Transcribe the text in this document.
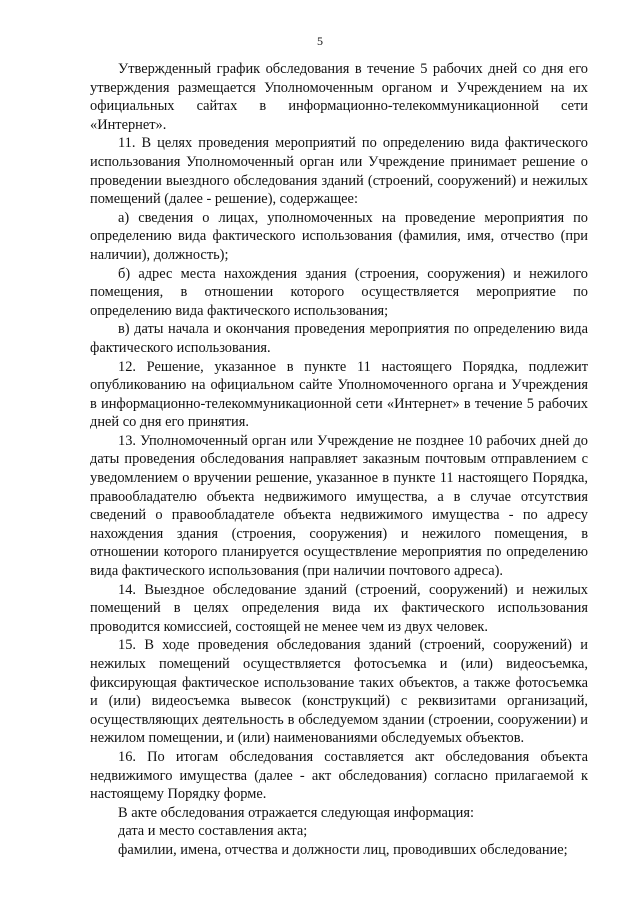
5

Утвержденный график обследования в течение 5 рабочих дней со дня его утверждения размещается Уполномоченным органом и Учреждением на их официальных сайтах в информационно-телекоммуникационной сети «Интернет».

11. В целях проведения мероприятий по определению вида фактического использования Уполномоченный орган или Учреждение принимает решение о проведении выездного обследования зданий (строений, сооружений) и нежилых помещений (далее - решение), содержащее:

а) сведения о лицах, уполномоченных на проведение мероприятия по определению вида фактического использования (фамилия, имя, отчество (при наличии), должность);

б) адрес места нахождения здания (строения, сооружения) и нежилого помещения, в отношении которого осуществляется мероприятие по определению вида фактического использования;

в) даты начала и окончания проведения мероприятия по определению вида фактического использования.

12. Решение, указанное в пункте 11 настоящего Порядка, подлежит опубликованию на официальном сайте Уполномоченного органа и Учреждения в информационно-телекоммуникационной сети «Интернет» в течение 5 рабочих дней со дня его принятия.

13. Уполномоченный орган или Учреждение не позднее 10 рабочих дней до даты проведения обследования направляет заказным почтовым отправлением с уведомлением о вручении решение, указанное в пункте 11 настоящего Порядка, правообладателю объекта недвижимого имущества, а в случае отсутствия сведений о правообладателе объекта недвижимого имущества - по адресу нахождения здания (строения, сооружения) и нежилого помещения, в отношении которого планируется осуществление мероприятия по определению вида фактического использования (при наличии почтового адреса).

14. Выездное обследование зданий (строений, сооружений) и нежилых помещений в целях определения вида их фактического использования проводится комиссией, состоящей не менее чем из двух человек.

15. В ходе проведения обследования зданий (строений, сооружений) и нежилых помещений осуществляется фотосъемка и (или) видеосъемка, фиксирующая фактическое использование таких объектов, а также фотосъемка и (или) видеосъемка вывесок (конструкций) с реквизитами организаций, осуществляющих деятельность в обследуемом здании (строении, сооружении) и нежилом помещении, и (или) наименованиями обследуемых объектов.

16. По итогам обследования составляется акт обследования объекта недвижимого имущества (далее - акт обследования) согласно прилагаемой к настоящему Порядку форме.

В акте обследования отражается следующая информация:

дата и место составления акта;

фамилии, имена, отчества и должности лиц, проводивших обследование;
